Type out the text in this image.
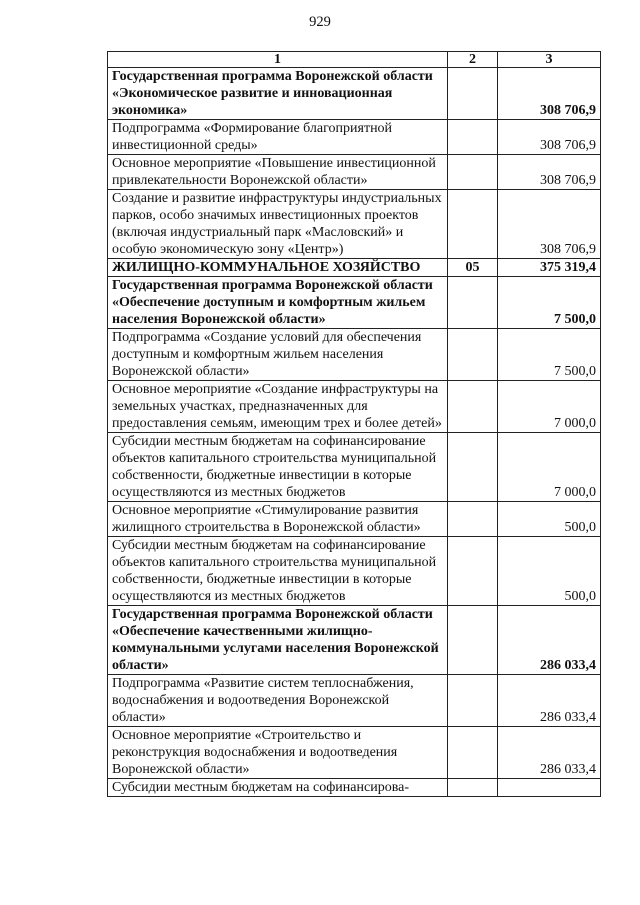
929
1	2	3
Государственная программа Воронежской области «Экономическое развитие и инновационная экономика»		308 706,9
Подпрограмма «Формирование благоприятной инвестиционной среды»		308 706,9
Основное мероприятие «Повышение инвестиционной привлекательности Воронежской области»		308 706,9
Создание и развитие инфраструктуры индустриальных парков, особо значимых инвестиционных проектов (включая индустриальный парк «Масловский» и особую экономическую зону «Центр»)		308 706,9
ЖИЛИЩНО-КОММУНАЛЬНОЕ ХОЗЯЙСТВО	05	375 319,4
Государственная программа Воронежской области «Обеспечение доступным и комфортным жильем населения Воронежской области»		7 500,0
Подпрограмма «Создание условий для обеспечения доступным и комфортным жильем населения Воронежской области»		7 500,0
Основное мероприятие «Создание инфраструктуры на земельных участках, предназначенных для предоставления семьям, имеющим трех и более детей»		7 000,0
Субсидии местным бюджетам на софинансирование объектов капитального строительства муниципальной собственности, бюджетные инвестиции в которые осуществляются из местных бюджетов		7 000,0
Основное мероприятие «Стимулирование развития жилищного строительства в Воронежской области»		500,0
Субсидии местным бюджетам на софинансирование объектов капитального строительства муниципальной собственности, бюджетные инвестиции в которые осуществляются из местных бюджетов		500,0
Государственная программа Воронежской области «Обеспечение качественными жилищно-коммунальными услугами населения Воронежской области»		286 033,4
Подпрограмма «Развитие систем теплоснабжения, водоснабжения и водоотведения Воронежской области»		286 033,4
Основное мероприятие «Строительство и реконструкция водоснабжения и водоотведения Воронежской области»		286 033,4
Субсидии местным бюджетам на софинансирова-		
